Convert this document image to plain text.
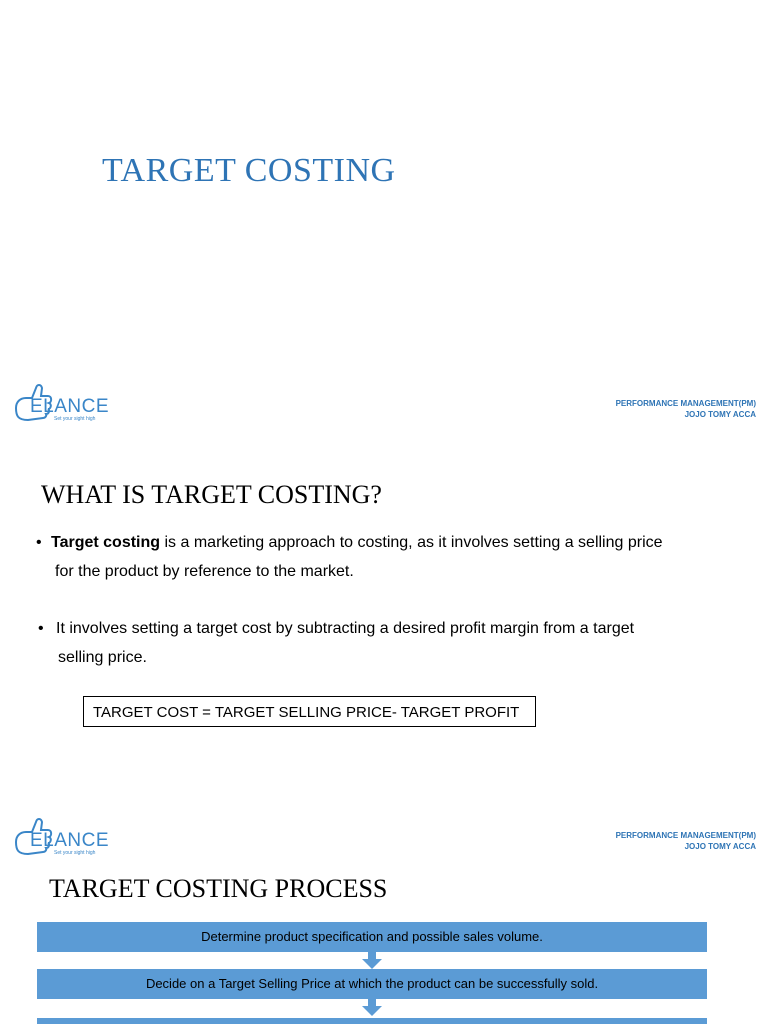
TARGET COSTING
ELANCE
Set your sight high
PERFORMANCE MANAGEMENT(PM)
JOJO TOMY ACCA
WHAT IS TARGET COSTING?
• Target costing is a marketing approach to costing, as it involves setting a selling price
for the product by reference to the market.
• It involves setting a target cost by subtracting a desired profit margin from a target
selling price.
TARGET COST = TARGET SELLING PRICE- TARGET PROFIT
ELANCE
Set your sight high
PERFORMANCE MANAGEMENT(PM)
JOJO TOMY ACCA
TARGET COSTING PROCESS
Determine product specification and possible sales volume.
Decide on a Target Selling Price at which the product can be successfully sold.
